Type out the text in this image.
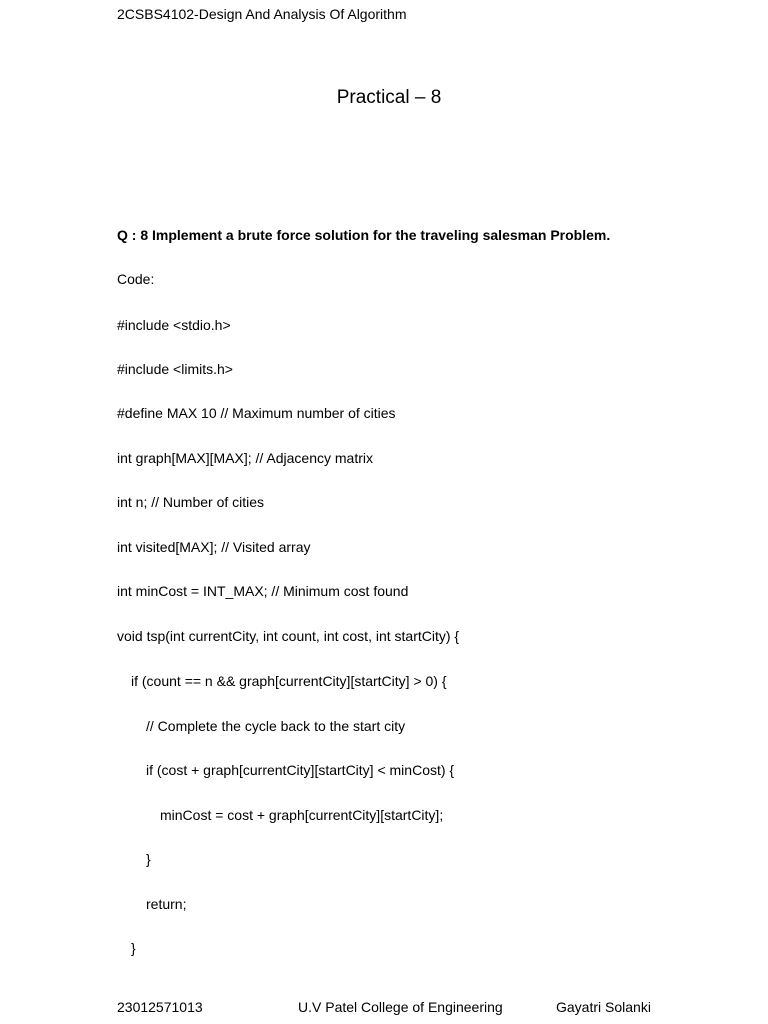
2CSBS4102-Design And Analysis Of Algorithm
Practical – 8
Q : 8 Implement a brute force solution for the traveling salesman Problem.
Code:
#include <stdio.h>
#include <limits.h>
#define MAX 10 // Maximum number of cities
int graph[MAX][MAX]; // Adjacency matrix
int n; // Number of cities
int visited[MAX]; // Visited array
int minCost = INT_MAX; // Minimum cost found
void tsp(int currentCity, int count, int cost, int startCity) {
if (count == n && graph[currentCity][startCity] > 0) {
// Complete the cycle back to the start city
if (cost + graph[currentCity][startCity] < minCost) {
minCost = cost + graph[currentCity][startCity];
}
return;
}
23012571013	U.V Patel College of Engineering	Gayatri Solanki
